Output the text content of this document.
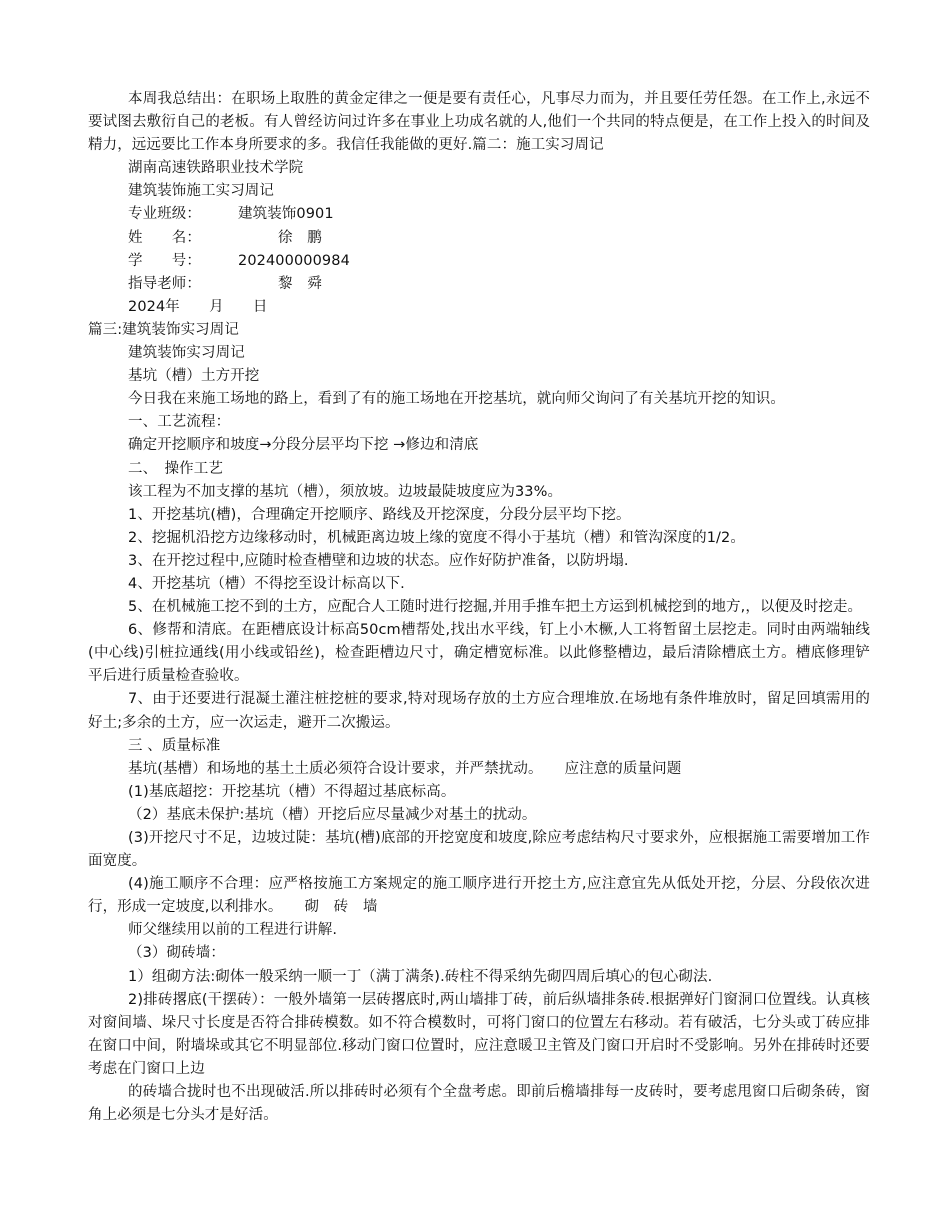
本周我总结出：在职场上取胜的黄金定律之一便是要有责任心，凡事尽力而为，并且要任劳任怨。在工作上,永远不要试图去敷衍自己的老板。有人曾经访问过许多在事业上功成名就的人,他们一个共同的特点便是，在工作上投入的时间及精力，远远要比工作本身所要求的多。我信任我能做的更好.篇二：施工实习周记
湖南高速铁路职业技术学院
建筑装饰施工实习周记
专业班级：	建筑装饰0901
姓　　名：	徐　鹏
学　　号：	202400000984
指导老师：	黎　舜
2024年　　月　　日
篇三:建筑装饰实习周记
建筑装饰实习周记
基坑（槽）土方开挖
今日我在来施工场地的路上，看到了有的施工场地在开挖基坑，就向师父询问了有关基坑开挖的知识。
一、工艺流程：
确定开挖顺序和坡度→分段分层平均下挖 →修边和清底
二、　操作工艺
该工程为不加支撑的基坑（槽），须放坡。边坡最陡坡度应为33%。
1、开挖基坑(槽)，合理确定开挖顺序、路线及开挖深度，分段分层平均下挖。
2、挖掘机沿挖方边缘移动时，机械距离边坡上缘的宽度不得小于基坑（槽）和管沟深度的1/2。
3、在开挖过程中,应随时检查槽壁和边坡的状态。应作好防护准备，以防坍塌.
4、开挖基坑（槽）不得挖至设计标高以下.
5、在机械施工挖不到的土方，应配合人工随时进行挖掘,并用手推车把土方运到机械挖到的地方,，以便及时挖走。
6、修帮和清底。在距槽底设计标高50cm槽帮处,找出水平线，钉上小木橛,人工将暂留土层挖走。同时由两端轴线(中心线)引桩拉通线(用小线或铅丝)，检查距槽边尺寸，确定槽宽标准。以此修整槽边，最后清除槽底土方。槽底修理铲平后进行质量检查验收。
7、由于还要进行混凝土灌注桩挖桩的要求,特对现场存放的土方应合理堆放.在场地有条件堆放时，留足回填需用的好土;多余的土方，应一次运走，避开二次搬运。
三 、质量标准
基坑(基槽）和场地的基土土质必须符合设计要求，并严禁扰动。　　应注意的质量问题
(1)基底超挖：开挖基坑（槽）不得超过基底标高。
（2）基底未保护:基坑（槽）开挖后应尽量减少对基土的扰动。
(3)开挖尺寸不足，边坡过陡：基坑(槽)底部的开挖宽度和坡度,除应考虑结构尺寸要求外，应根据施工需要增加工作面宽度。
(4)施工顺序不合理：应严格按施工方案规定的施工顺序进行开挖土方,应注意宜先从低处开挖，分层、分段依次进行，形成一定坡度,以利排水。　　砌　砖　墙
师父继续用以前的工程进行讲解.
（3）砌砖墙：
1）组砌方法:砌体一般采纳一顺一丁（满丁满条).砖柱不得采纳先砌四周后填心的包心砌法.
2)排砖撂底(干摆砖）：一般外墙第一层砖撂底时,两山墙排丁砖，前后纵墙排条砖.根据弹好门窗洞口位置线。认真核对窗间墙、垛尺寸长度是否符合排砖模数。如不符合模数时，可将门窗口的位置左右移动。若有破活，七分头或丁砖应排在窗口中间，附墙垛或其它不明显部位.移动门窗口位置时，应注意暖卫主管及门窗口开启时不受影响。另外在排砖时还要考虑在门窗口上边
的砖墙合拢时也不出现破活.所以排砖时必须有个全盘考虑。即前后檐墙排每一皮砖时，要考虑甩窗口后砌条砖，窗角上必须是七分头才是好活。
